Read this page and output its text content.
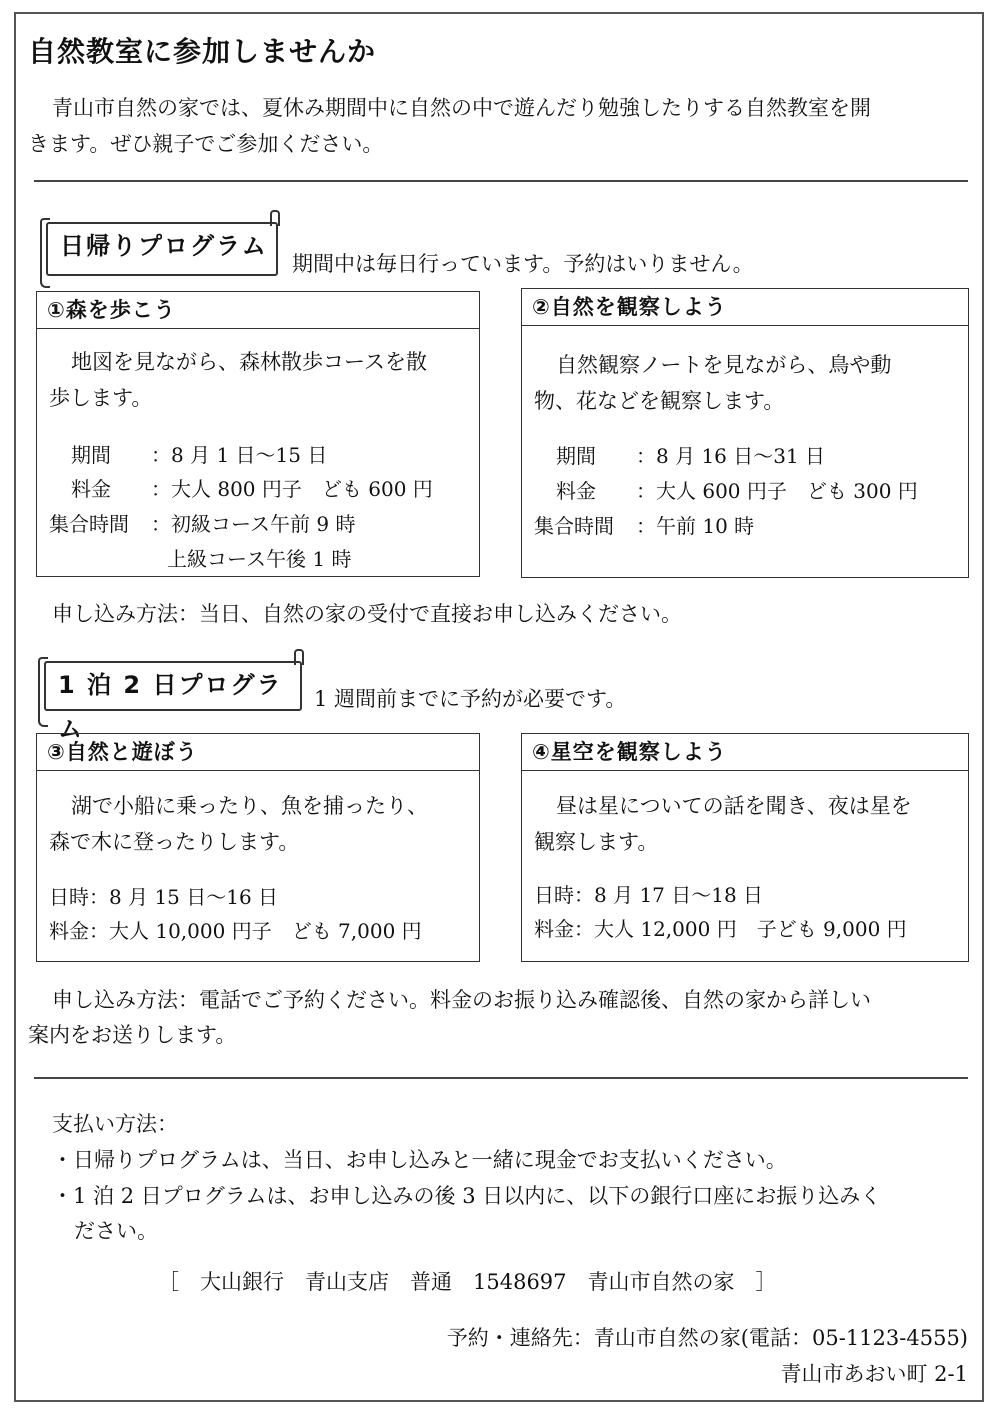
自然教室に参加しませんか
青山市自然の家では、夏休み期間中に自然の中で遊んだり勉強したりする自然教室を開
きます。ぜひ親子でご参加ください。
日帰りプログラム
期間中は毎日行っています。予約はいりません。
①森を歩こう
地図を見ながら、森林散歩コースを散
歩します。
期間 ：8 月 1 日〜15 日
料金 ：大人 800 円子　ども 600 円
集合時間 ：初級コース午前 9 時
上級コース午後 1 時
②自然を観察しよう
自然観察ノートを見ながら、鳥や動
物、花などを観察します。
期間 ：8 月 16 日〜31 日
料金 ：大人 600 円子　ども 300 円
集合時間 ：午前 10 時
申し込み方法：当日、自然の家の受付で直接お申し込みください。
1 泊 2 日プログラム
1 週間前までに予約が必要です。
③自然と遊ぼう
湖で小船に乗ったり、魚を捕ったり、
森で木に登ったりします。
日時：8 月 15 日〜16 日
料金：大人 10,000 円子　ども 7,000 円
④星空を観察しよう
昼は星についての話を聞き、夜は星を
観察します。
日時：8 月 17 日〜18 日
料金：大人 12,000 円　子ども 9,000 円
申し込み方法：電話でご予約ください。料金のお振り込み確認後、自然の家から詳しい
案内をお送りします。
支払い方法：
・日帰りプログラムは、当日、お申し込みと一緒に現金でお支払いください。
・1 泊 2 日プログラムは、お申し込みの後 3 日以内に、以下の銀行口座にお振り込みく
ださい。
［　大山銀行　青山支店　普通　1548697　青山市自然の家　］
予約・連絡先：青山市自然の家(電話：05-1123-4555)
青山市あおい町 2-1
